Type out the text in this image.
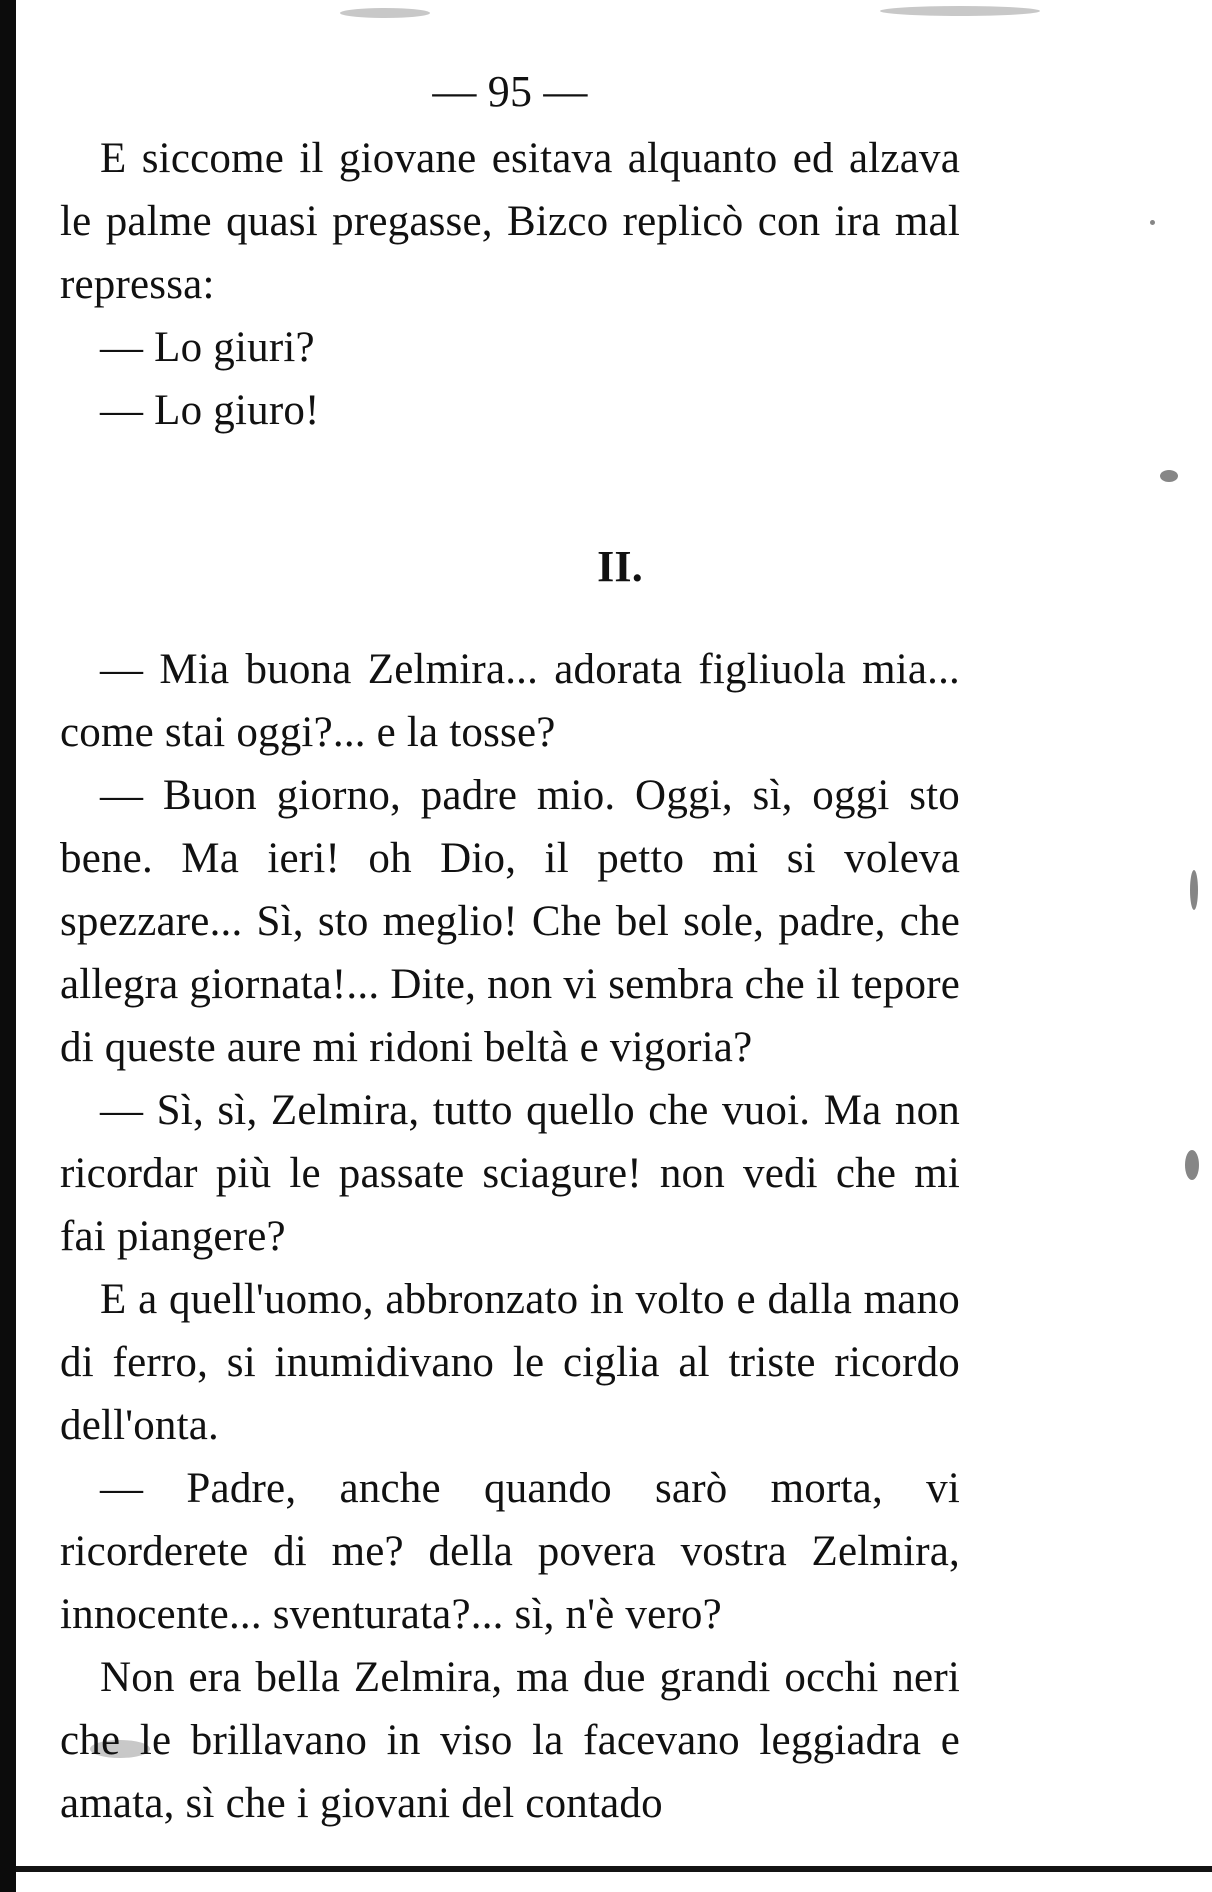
— 95 —

E siccome il giovane esitava alquanto ed alzava le palme quasi pregasse, Bizco replicò con ira mal repressa:

— Lo giuri?

— Lo giuro!

II.

— Mia buona Zelmira... adorata figliuola mia... come stai oggi?... e la tosse?

— Buon giorno, padre mio. Oggi, sì, oggi sto bene. Ma ieri! oh Dio, il petto mi si voleva spezzare... Sì, sto meglio! Che bel sole, padre, che allegra giornata!... Dite, non vi sembra che il tepore di queste aure mi ridoni beltà e vigoria?

— Sì, sì, Zelmira, tutto quello che vuoi. Ma non ricordar più le passate sciagure! non vedi che mi fai piangere?

E a quell'uomo, abbronzato in volto e dalla mano di ferro, si inumidivano le ciglia al triste ricordo dell'onta.

— Padre, anche quando sarò morta, vi ricorderete di me? della povera vostra Zelmira, innocente... sventurata?... sì, n'è vero?

Non era bella Zelmira, ma due grandi occhi neri che le brillavano in viso la facevano leggiadra e amata, sì che i giovani del contado
